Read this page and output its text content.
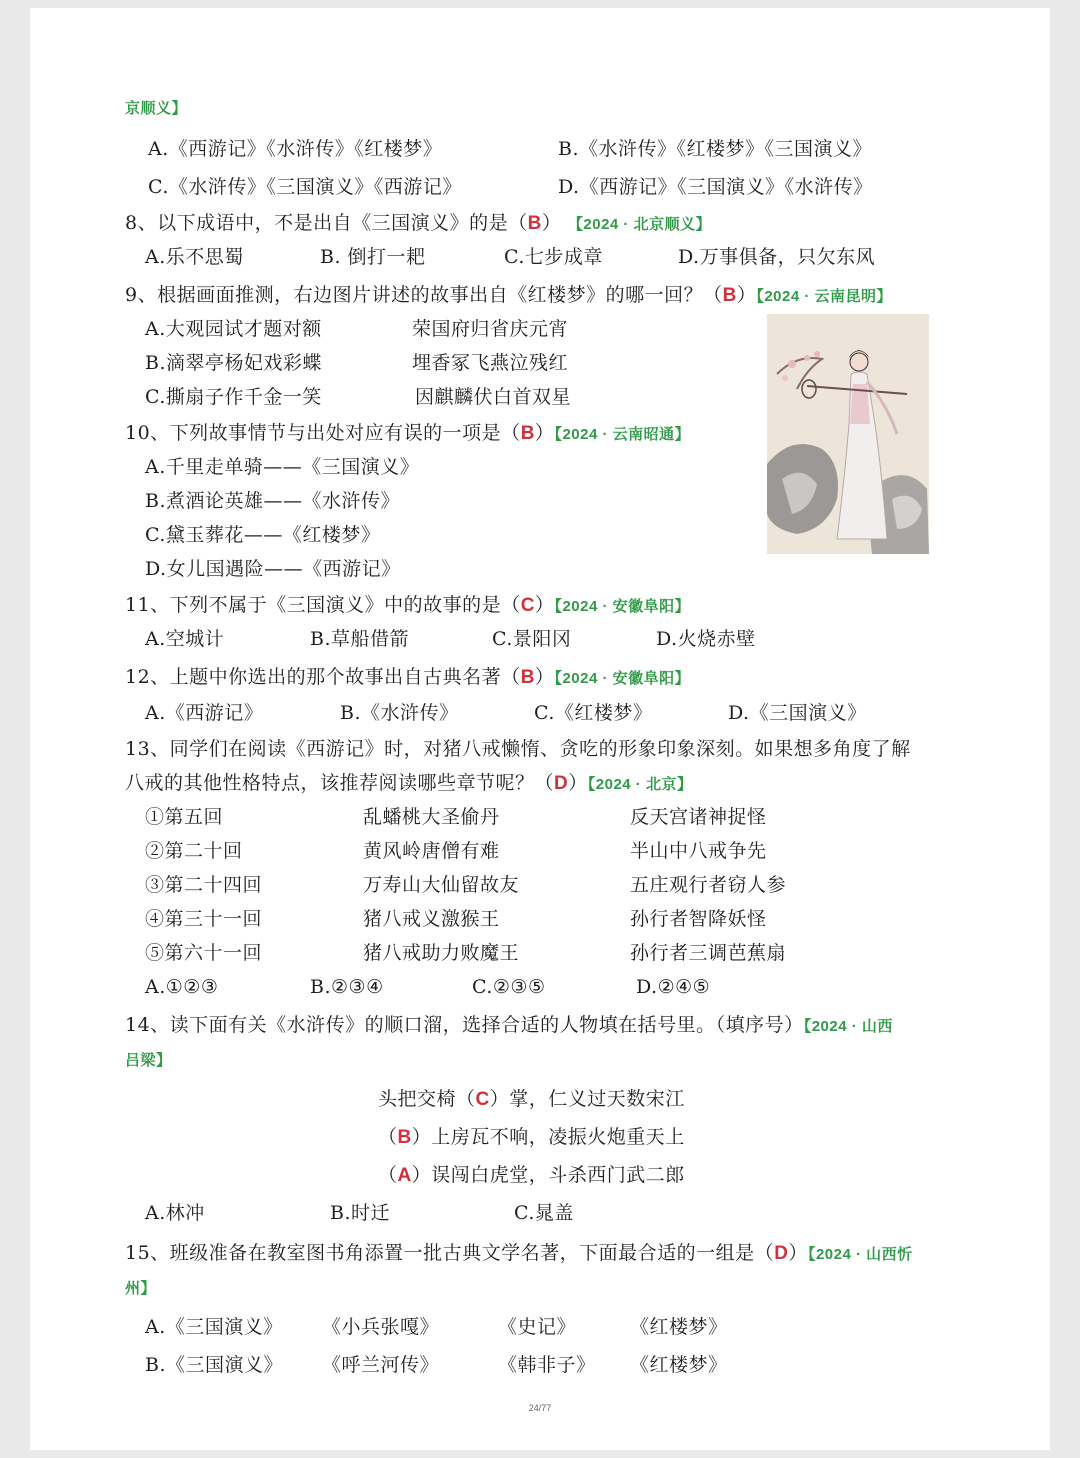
京顺义】
A.《西游记》《水浒传》《红楼梦》	B.《水浒传》《红楼梦》《三国演义》
C.《水浒传》《三国演义》《西游记》	D.《西游记》《三国演义》《水浒传》
8、以下成语中，不是出自《三国演义》的是（B） 【2024 · 北京顺义】
A.乐不思蜀	B. 倒打一耙	C.七步成章	D.万事俱备，只欠东风
9、根据画面推测，右边图片讲述的故事出自《红楼梦》的哪一回？（B）【2024 · 云南昆明】
A.大观园试才题对额	荣国府归省庆元宵
B.滴翠亭杨妃戏彩蝶	埋香冢飞燕泣残红
C.撕扇子作千金一笑	因麒麟伏白首双星
10、下列故事情节与出处对应有误的一项是（B）【2024 · 云南昭通】
A.千里走单骑——《三国演义》
B.煮酒论英雄——《水浒传》
C.黛玉葬花——《红楼梦》
D.女儿国遇险——《西游记》
11、下列不属于《三国演义》中的故事的是（C）【2024 · 安徽阜阳】
A.空城计	B.草船借箭	C.景阳冈	D.火烧赤壁
12、上题中你选出的那个故事出自古典名著（B）【2024 · 安徽阜阳】
A.《西游记》	B.《水浒传》	C.《红楼梦》	D.《三国演义》
13、同学们在阅读《西游记》时，对猪八戒懒惰、贪吃的形象印象深刻。如果想多角度了解
八戒的其他性格特点，该推荐阅读哪些章节呢？（D）【2024 · 北京】
①第五回	乱蟠桃大圣偷丹	反天宫诸神捉怪
②第二十回	黄风岭唐僧有难	半山中八戒争先
③第二十四回	万寿山大仙留故友	五庄观行者窃人参
④第三十一回	猪八戒义激猴王	孙行者智降妖怪
⑤第六十一回	猪八戒助力败魔王	孙行者三调芭蕉扇
A.①②③	B.②③④	C.②③⑤	D.②④⑤
14、读下面有关《水浒传》的顺口溜，选择合适的人物填在括号里。（填序号）【2024 · 山西
吕梁】
头把交椅（C）掌，仁义过天数宋江
（B）上房瓦不响，凌振火炮重天上
（A）误闯白虎堂，斗杀西门武二郎
A.林冲	B.时迁	C.晁盖
15、班级准备在教室图书角添置一批古典文学名著，下面最合适的一组是（D）【2024 · 山西忻
州】
A.《三国演义》 《小兵张嘎》	《史记》	《红楼梦》
B.《三国演义》 《呼兰河传》	《韩非子》 《红楼梦》
24/77
